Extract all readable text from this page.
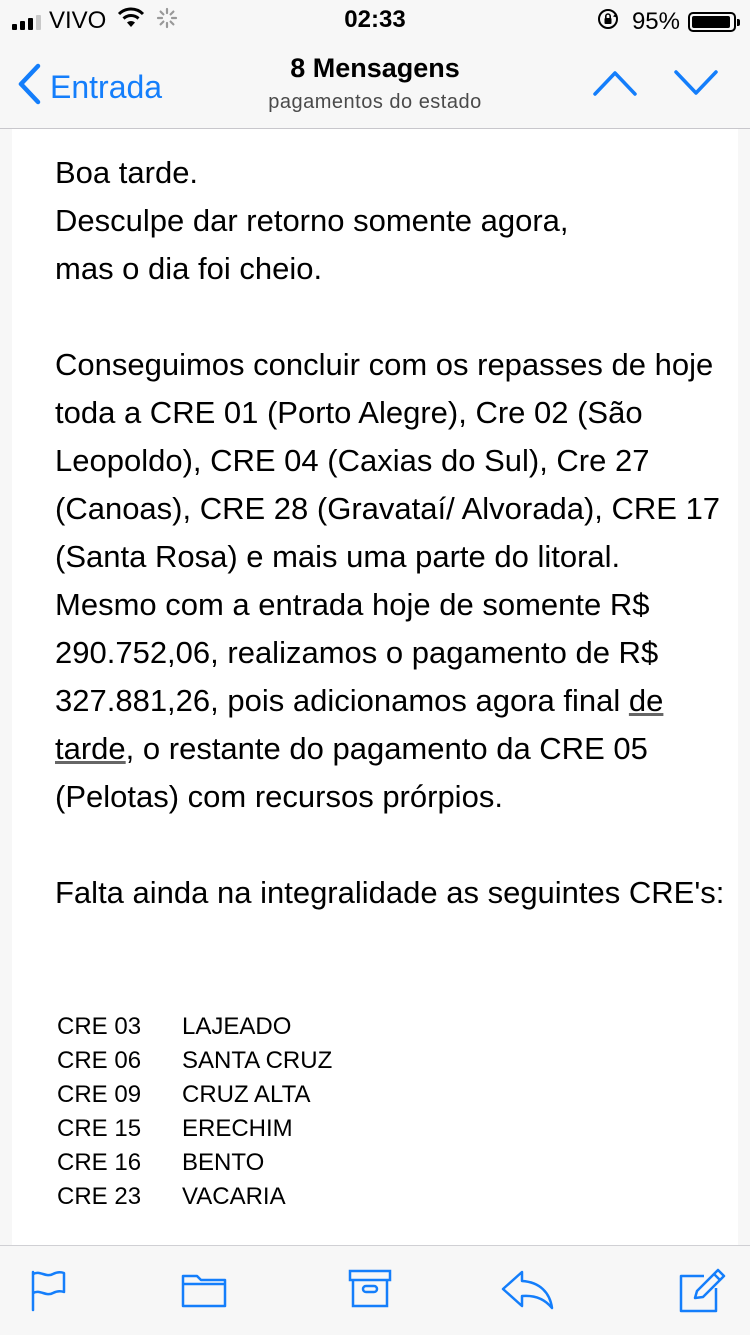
VIVO	02:33	95%
Entrada
8 Mensagens
pagamentos do estado

Boa tarde.

Desculpe dar retorno somente agora,

mas o dia foi cheio.

Conseguimos concluir com os repasses de hoje toda a CRE 01 (Porto Alegre), Cre 02 (São Leopoldo), CRE 04 (Caxias do Sul), Cre 27 (Canoas), CRE 28 (Gravataí/ Alvorada), CRE 17 (Santa Rosa) e mais uma parte do litoral. Mesmo com a entrada hoje de somente R$ 290.752,06, realizamos o pagamento de R$ 327.881,26, pois adicionamos agora final de tarde, o restante do pagamento da CRE 05 (Pelotas) com recursos prórpios.

Falta ainda na integralidade as seguintes CRE's:

CRE 03	LAJEADO
CRE 06	SANTA CRUZ
CRE 09	CRUZ ALTA
CRE 15	ERECHIM
CRE 16	BENTO
CRE 23	VACARIA
